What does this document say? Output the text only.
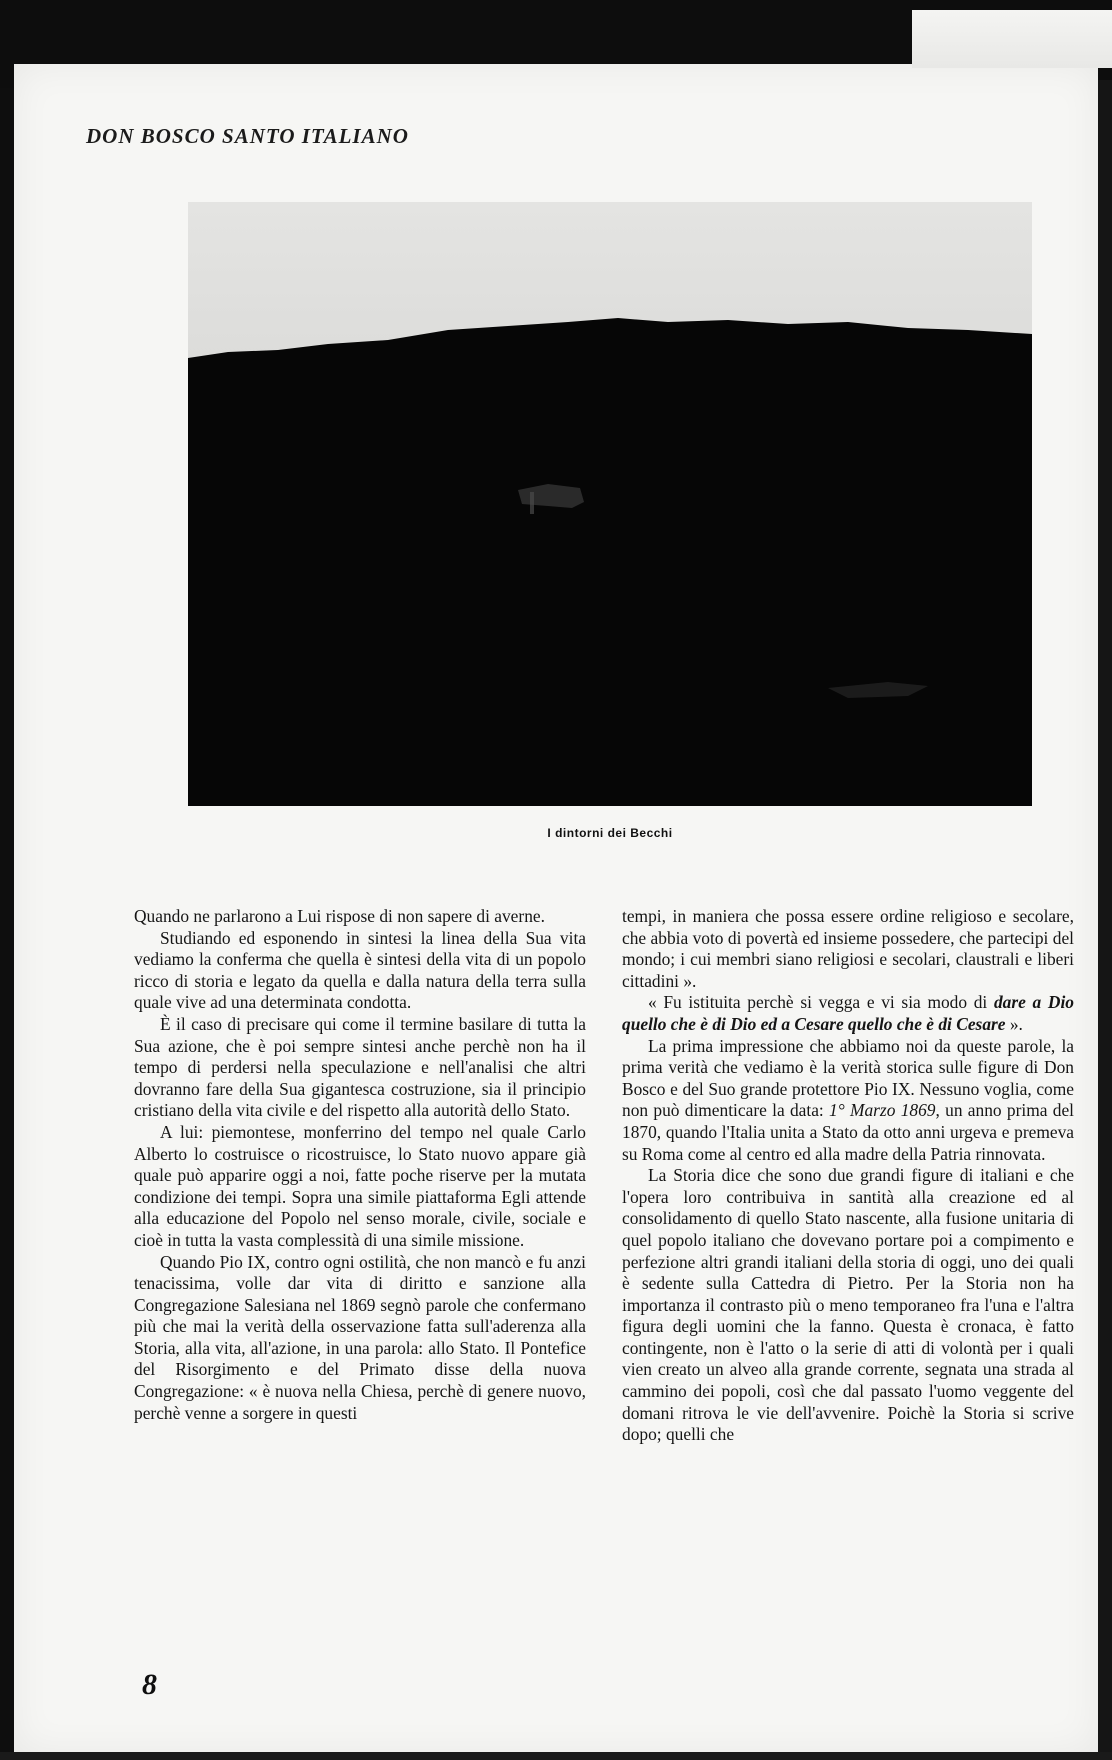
DON BOSCO SANTO ITALIANO
I dintorni dei Becchi

Quando ne parlarono a Lui rispose di non sapere di averne.

Studiando ed esponendo in sintesi la linea della Sua vita vediamo la conferma che quella è sintesi della vita di un popolo ricco di storia e legato da quella e dalla natura della terra sulla quale vive ad una determinata condotta.

È il caso di precisare qui come il termine basilare di tutta la Sua azione, che è poi sempre sintesi anche perchè non ha il tempo di perdersi nella speculazione e nell'analisi che altri dovranno fare della Sua gigantesca costruzione, sia il principio cristiano della vita civile e del rispetto alla autorità dello Stato.

A lui: piemontese, monferrino del tempo nel quale Carlo Alberto lo costruisce o ricostruisce, lo Stato nuovo appare già quale può apparire oggi a noi, fatte poche riserve per la mutata condizione dei tempi. Sopra una simile piattaforma Egli attende alla educazione del Popolo nel senso morale, civile, sociale e cioè in tutta la vasta complessità di una simile missione.

Quando Pio IX, contro ogni ostilità, che non mancò e fu anzi tenacissima, volle dar vita di diritto e sanzione alla Congregazione Salesiana nel 1869 segnò parole che confermano più che mai la verità della osservazione fatta sull'aderenza alla Storia, alla vita, all'azione, in una parola: allo Stato. Il Pontefice del Risorgimento e del Primato disse della nuova Congregazione: « è nuova nella Chiesa, perchè di genere nuovo, perchè venne a sorgere in questi

tempi, in maniera che possa essere ordine religioso e secolare, che abbia voto di povertà ed insieme possedere, che partecipi del mondo; i cui membri siano religiosi e secolari, claustrali e liberi cittadini ».

« Fu istituita perchè si vegga e vi sia modo di dare a Dio quello che è di Dio ed a Cesare quello che è di Cesare ».

La prima impressione che abbiamo noi da queste parole, la prima verità che vediamo è la verità storica sulle figure di Don Bosco e del Suo grande protettore Pio IX. Nessuno voglia, come non può dimenticare la data: 1° Marzo 1869, un anno prima del 1870, quando l'Italia unita a Stato da otto anni urgeva e premeva su Roma come al centro ed alla madre della Patria rinnovata.

La Storia dice che sono due grandi figure di italiani e che l'opera loro contribuiva in santità alla creazione ed al consolidamento di quello Stato nascente, alla fusione unitaria di quel popolo italiano che dovevano portare poi a compimento e perfezione altri grandi italiani della storia di oggi, uno dei quali è sedente sulla Cattedra di Pietro. Per la Storia non ha importanza il contrasto più o meno temporaneo fra l'una e l'altra figura degli uomini che la fanno. Questa è cronaca, è fatto contingente, non è l'atto o la serie di atti di volontà per i quali vien creato un alveo alla grande corrente, segnata una strada al cammino dei popoli, così che dal passato l'uomo veggente del domani ritrova le vie dell'avvenire. Poichè la Storia si scrive dopo; quelli che

8
